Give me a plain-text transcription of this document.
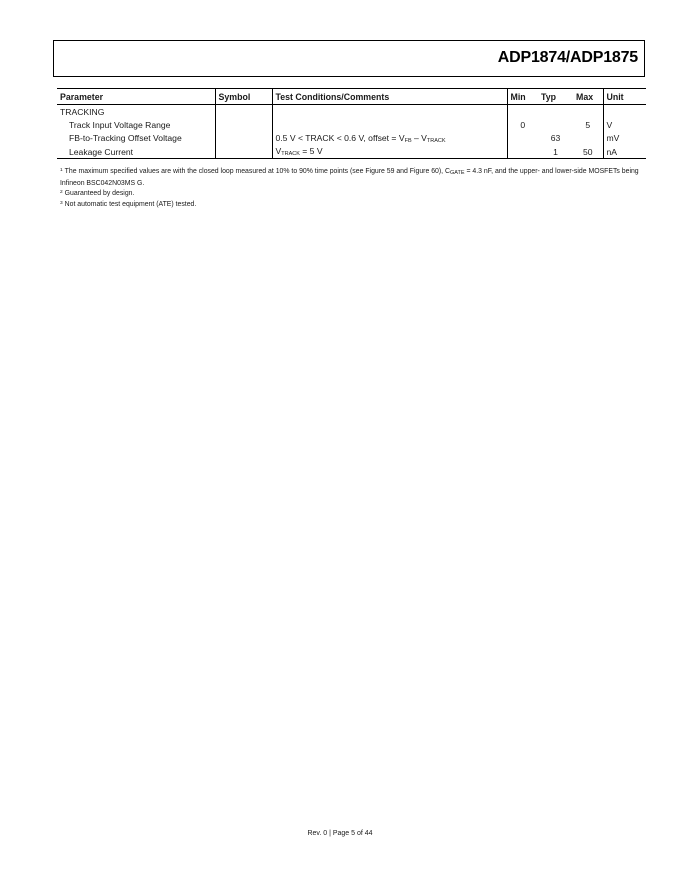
ADP1874/ADP1875
Parameter	Symbol	Test Conditions/Comments	Min	Typ	Max	Unit
TRACKING						
Track Input Voltage Range			0		5	V
FB-to-Tracking Offset Voltage		0.5 V < TRACK < 0.6 V, offset = $V_{FB} - V_{TRACK}$		63		mV
Leakage Current		$V_{TRACK} = 5$ V		1	50	nA

$^1$ The maximum specified values are with the closed loop measured at 10% to 90% time points (see Figure 59 and Figure 60), $C_{GATE} = 4.3$ nF, and the upper- and lower-side MOSFETs being Infineon BSC042N03MS G.

$^2$ Guaranteed by design.

$^3$ Not automatic test equipment (ATE) tested.

Rev. 0 | Page 5 of 44
